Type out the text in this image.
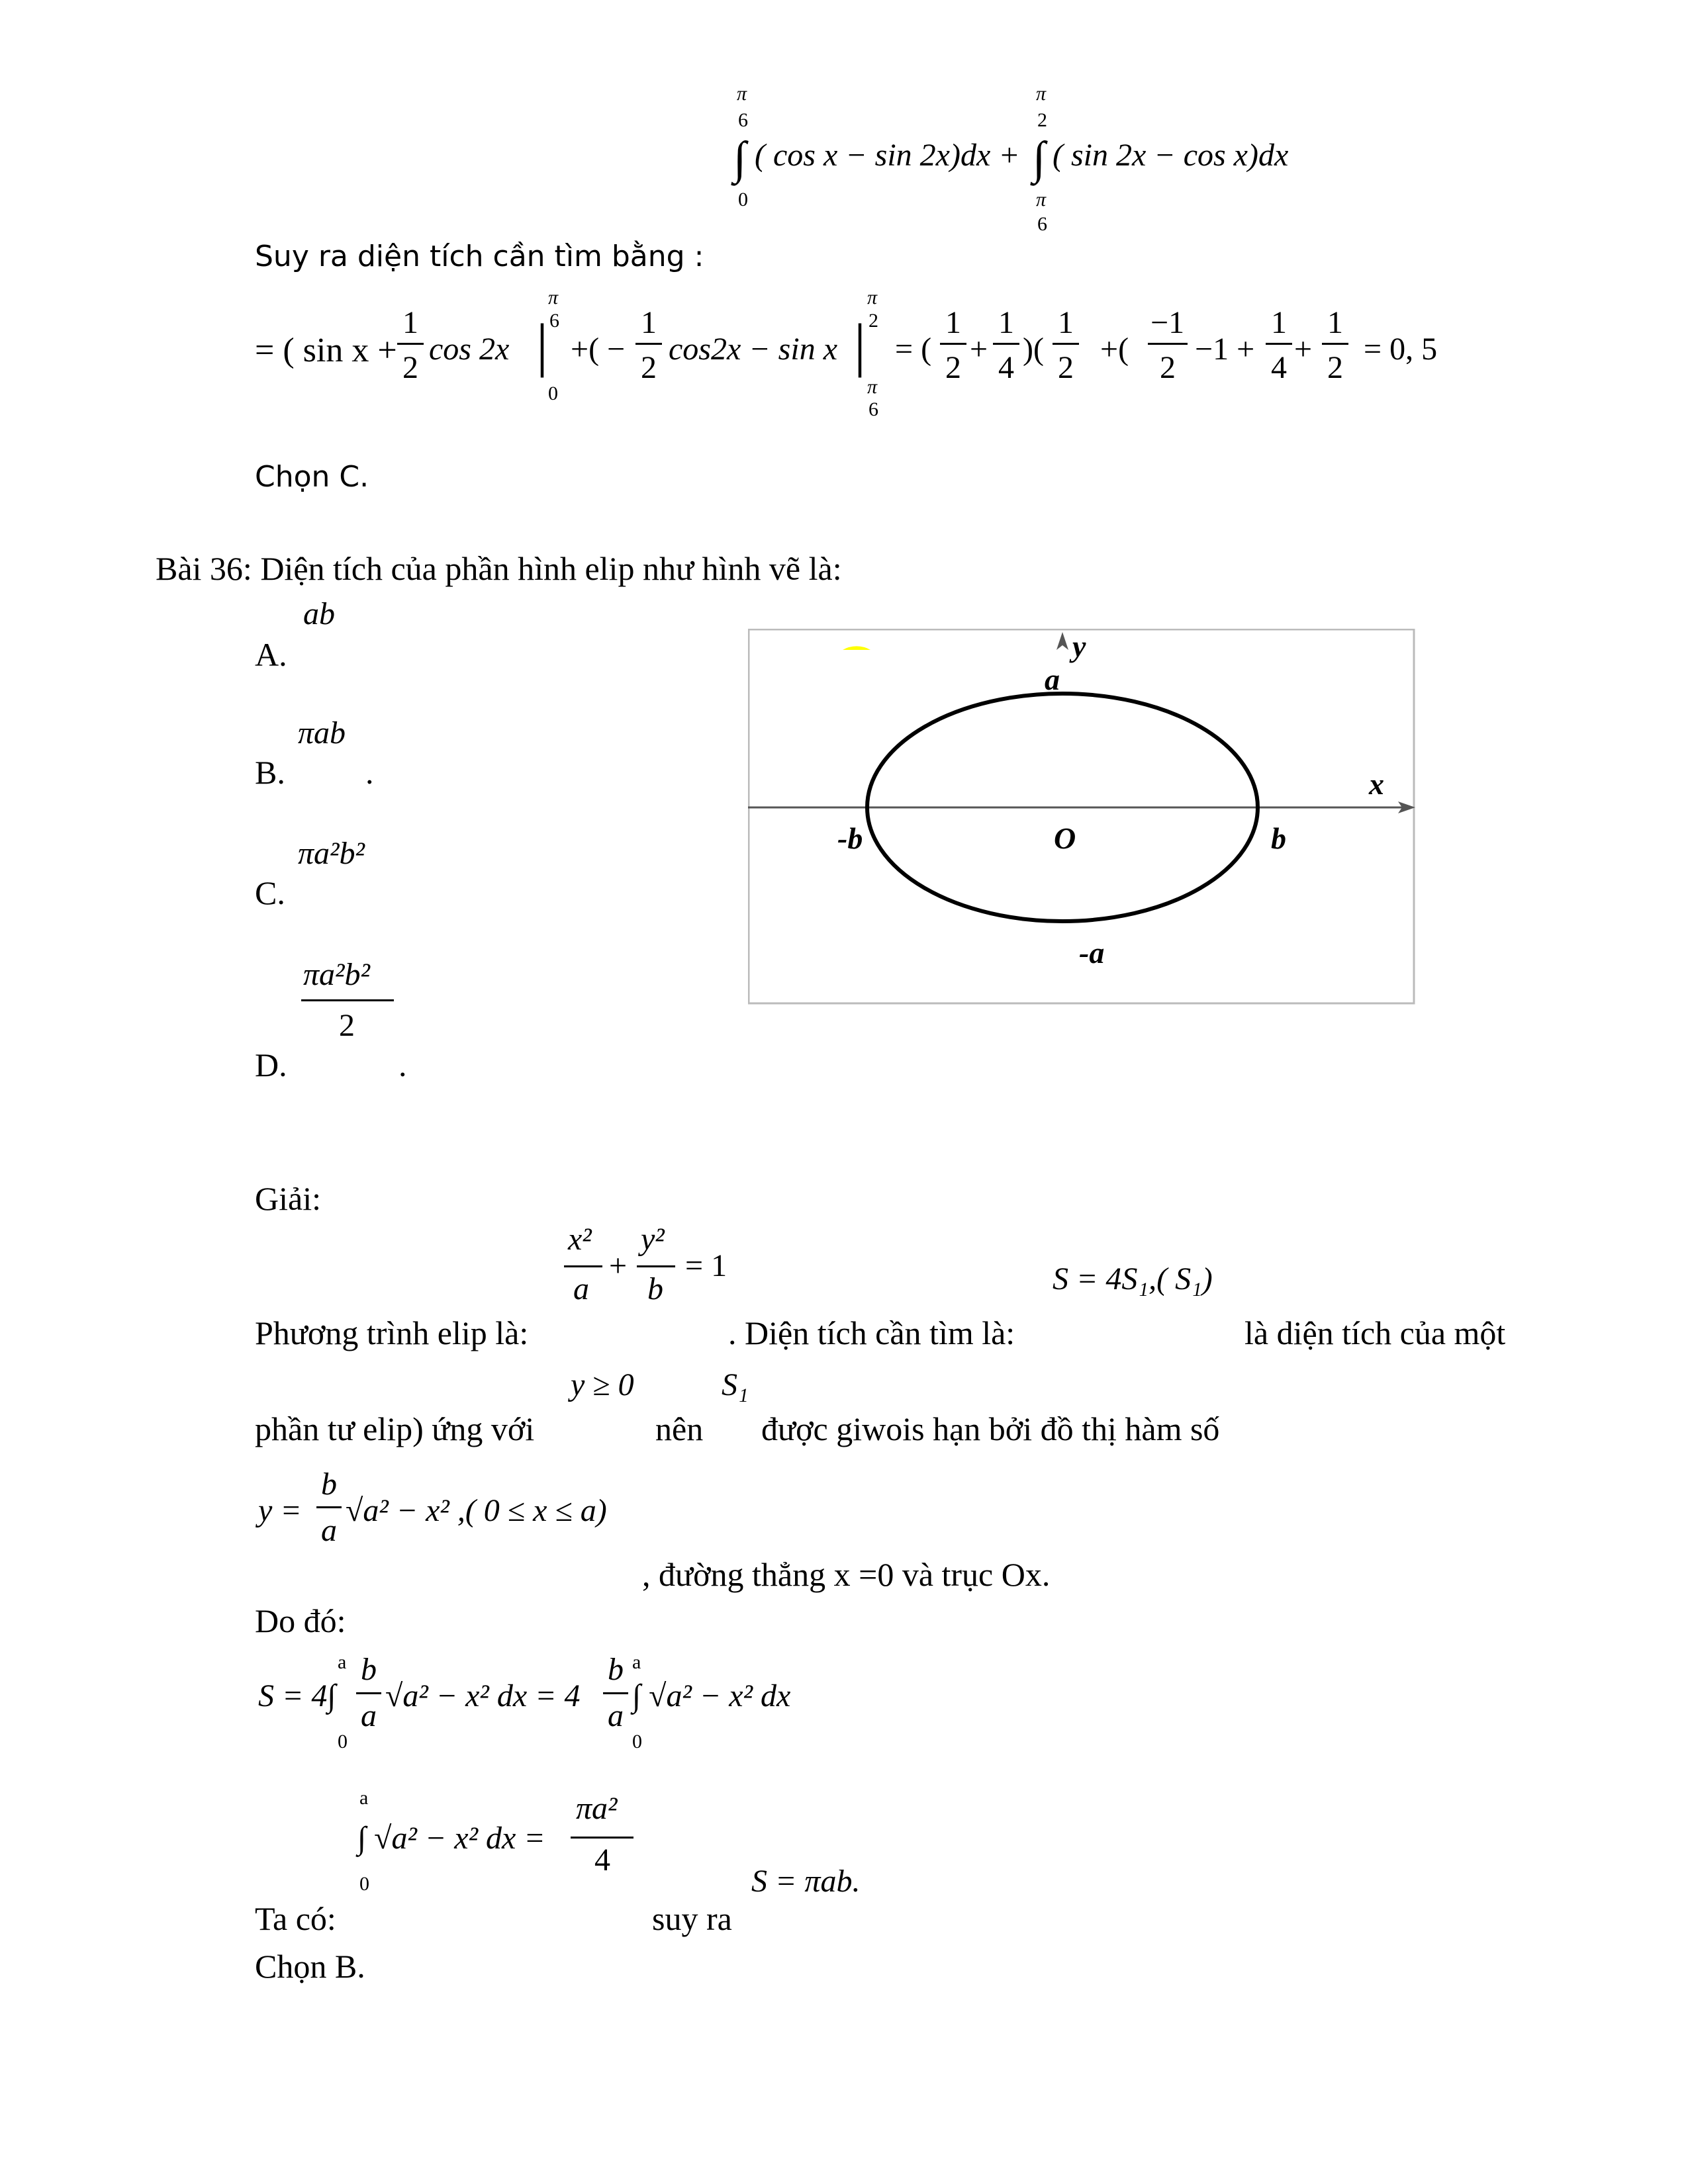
π
6
∫
0
( cos x − sin 2x)dx +
π
2
∫
π
6
( sin 2x − cos x)dx
Suy ra diện tích cần tìm bằng :
= ( sin x +
1
2
cos 2x |
π
6
0
+( −
1
2
cos2x − sin x |
π
2
π
6
= (
1
2
+
1
4
)(
1
2
+(
−1
2
−1 +
1
4
+
1
2
= 0, 5
Chọn C.
Bài 36: Diện tích của phần hình elip như hình vẽ là:
ab
A.
πab
B. .
πa²b²
C.
πa²b²
2
D.	.
y
a
x
-b	O	b
-a
Giải:
x²
a
+
y²
b
= 1	S = 4S₁,( S₁)
Phương trình elip là:	. Diện tích cần tìm là:	là diện tích của một
y ≥ 0	S₁
phần tư elip) ứng với	nên được giwois hạn bởi đồ thị hàm số
y =
b
a
√a² − x² ,( 0 ≤ x ≤ a)
, đường thẳng x =0 và trục Ox.
Do đó:
a
0
S = 4∫
b
a
√a² − x² dx = 4
b
a
a
0
∫ √a² − x² dx
a
0
∫ √a² − x² dx =
πa²
4
S = πab.
Ta có:	suy ra
Chọn B.
